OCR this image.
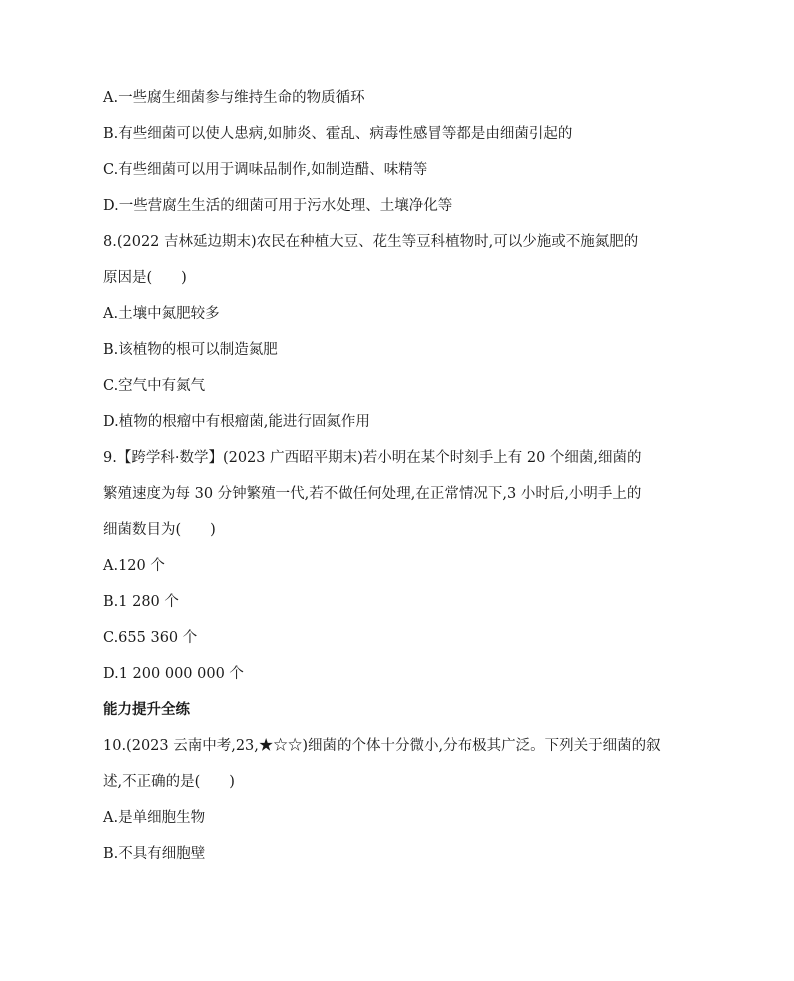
A.一些腐生细菌参与维持生命的物质循环
B.有些细菌可以使人患病,如肺炎、霍乱、病毒性感冒等都是由细菌引起的
C.有些细菌可以用于调味品制作,如制造醋、味精等
D.一些营腐生生活的细菌可用于污水处理、土壤净化等
8.(2022 吉林延边期末)农民在种植大豆、花生等豆科植物时,可以少施或不施氮肥的
原因是(　　)
A.土壤中氮肥较多
B.该植物的根可以制造氮肥
C.空气中有氮气
D.植物的根瘤中有根瘤菌,能进行固氮作用
9.【跨学科·数学】(2023 广西昭平期末)若小明在某个时刻手上有 20 个细菌,细菌的
繁殖速度为每 30 分钟繁殖一代,若不做任何处理,在正常情况下,3 小时后,小明手上的
细菌数目为(　　)
A.120 个
B.1 280 个
C.655 360 个
D.1 200 000 000 个
能力提升全练
10.(2023 云南中考,23,★☆☆)细菌的个体十分微小,分布极其广泛。下列关于细菌的叙
述,不正确的是(　　)
A.是单细胞生物
B.不具有细胞壁
